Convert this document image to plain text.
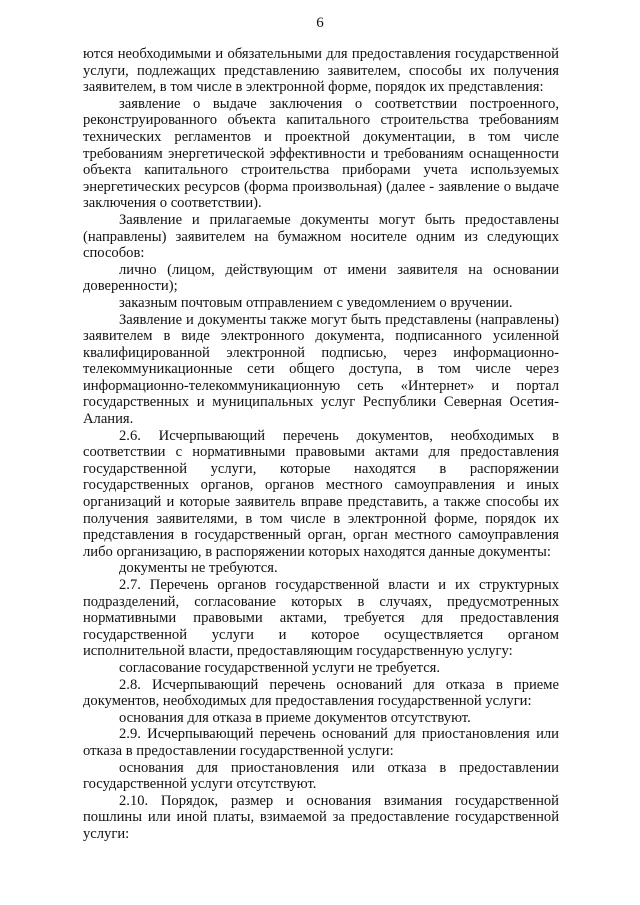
6

ются необходимыми и обязательными для предоставления государственной услуги, подлежащих представлению заявителем, способы их получения заявителем, в том числе в электронной форме, порядок их представления:

заявление о выдаче заключения о соответствии построенного, реконструированного объекта капитального строительства требованиям технических регламентов и проектной документации, в том числе требованиям энергетической эффективности и требованиям оснащенности объекта капитального строительства приборами учета используемых энергетических ресурсов (форма произвольная) (далее - заявление о выдаче заключения о соответствии).

Заявление и прилагаемые документы могут быть предоставлены (направлены) заявителем на бумажном носителе одним из следующих способов:

лично (лицом, действующим от имени заявителя на основании доверенности);

заказным почтовым отправлением с уведомлением о вручении.

Заявление и документы также могут быть представлены (направлены) заявителем в виде электронного документа, подписанного усиленной квалифицированной электронной подписью, через информационно-телекоммуникационные сети общего доступа, в том числе через информационно-телекоммуникационную сеть «Интернет» и портал государственных и муниципальных услуг Республики Северная Осетия-Алания.

2.6. Исчерпывающий перечень документов, необходимых в соответствии с нормативными правовыми актами для предоставления государственной услуги, которые находятся в распоряжении государственных органов, органов местного самоуправления и иных организаций и которые заявитель вправе представить, а также способы их получения заявителями, в том числе в электронной форме, порядок их представления в государственный орган, орган местного самоуправления либо организацию, в распоряжении которых находятся данные документы:

документы не требуются.

2.7. Перечень органов государственной власти и их структурных подразделений, согласование которых в случаях, предусмотренных нормативными правовыми актами, требуется для предоставления государственной услуги и которое осуществляется органом исполнительной власти, предоставляющим государственную услугу:

согласование государственной услуги не требуется.

2.8. Исчерпывающий перечень оснований для отказа в приеме документов, необходимых для предоставления государственной услуги:

основания для отказа в приеме документов отсутствуют.

2.9. Исчерпывающий перечень оснований для приостановления или отказа в предоставлении государственной услуги:

основания для приостановления или отказа в предоставлении государственной услуги отсутствуют.

2.10. Порядок, размер и основания взимания государственной пошлины или иной платы, взимаемой за предоставление государственной услуги:
